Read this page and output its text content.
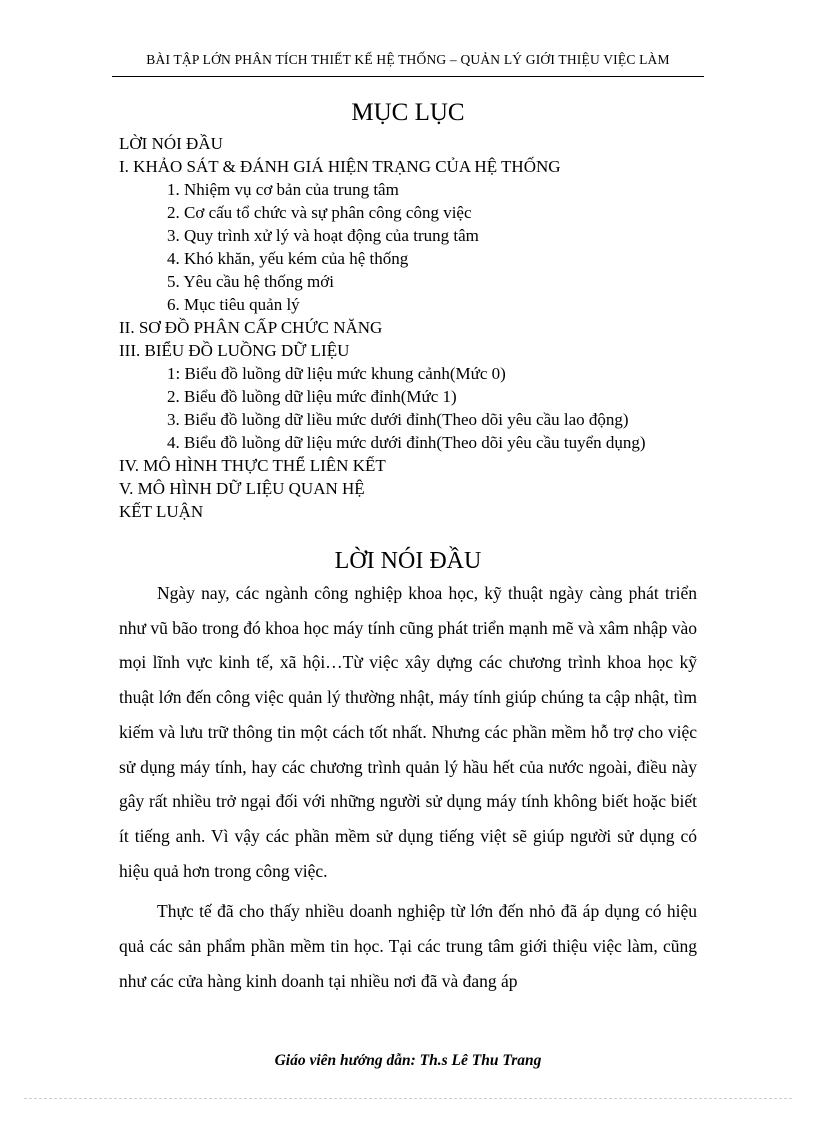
BÀI TẬP LỚN PHÂN TÍCH THIẾT KẾ HỆ THỐNG – QUẢN LÝ GIỚI THIỆU VIỆC LÀM
MỤC LỤC
LỜI NÓI ĐẦU
I. KHẢO SÁT & ĐÁNH GIÁ HIỆN TRẠNG CỦA HỆ THỐNG
1. Nhiệm vụ cơ bản của trung tâm
2. Cơ cấu tổ chức và sự phân công công việc
3. Quy trình xử lý và hoạt động của trung tâm
4. Khó khăn, yếu kém của hệ thống
5. Yêu cầu hệ thống mới
6. Mục tiêu quản lý
II. SƠ ĐỒ PHÂN CẤP CHỨC NĂNG
III. BIỂU ĐỒ LUỒNG DỮ LIỆU
1: Biểu đồ luồng dữ liệu mức khung cảnh(Mức 0)
2. Biểu đồ luồng dữ liệu mức đỉnh(Mức 1)
3. Biểu đồ luồng dữ liều mức dưới đỉnh(Theo dõi yêu cầu lao động)
4. Biểu đồ luồng dữ liệu mức dưới đỉnh(Theo dõi yêu cầu tuyển dụng)
IV. MÔ HÌNH THỰC THỂ LIÊN KẾT
V. MÔ HÌNH DỮ LIỆU QUAN HỆ
KẾT LUẬN
LỜI NÓI ĐẦU

Ngày nay, các ngành công nghiệp khoa học, kỹ thuật ngày càng phát triển như vũ bão trong đó khoa học máy tính cũng phát triển mạnh mẽ và xâm nhập vào mọi lĩnh vực kinh tế, xã hội…Từ việc xây dựng các chương trình khoa học kỹ thuật lớn đến công việc quản lý thường nhật, máy tính giúp chúng ta cập nhật, tìm kiếm và lưu trữ thông tin một cách tốt nhất. Nhưng các phần mềm hỗ trợ cho việc sử dụng máy tính, hay các chương trình quản lý hầu hết của nước ngoài, điều này gây rất nhiều trở ngại đối với những người sử dụng máy tính không biết hoặc biết ít tiếng anh. Vì vậy các phần mềm sử dụng tiếng việt sẽ giúp người sử dụng có hiệu quả hơn trong công việc.

Thực tế đã cho thấy nhiều doanh nghiệp từ lớn đến nhỏ đã áp dụng có hiệu quả các sản phẩm phần mềm tin học. Tại các trung tâm giới thiệu việc làm, cũng như các cửa hàng kinh doanh tại nhiều nơi đã và đang áp

Giáo viên hướng dẫn: Th.s Lê Thu Trang
